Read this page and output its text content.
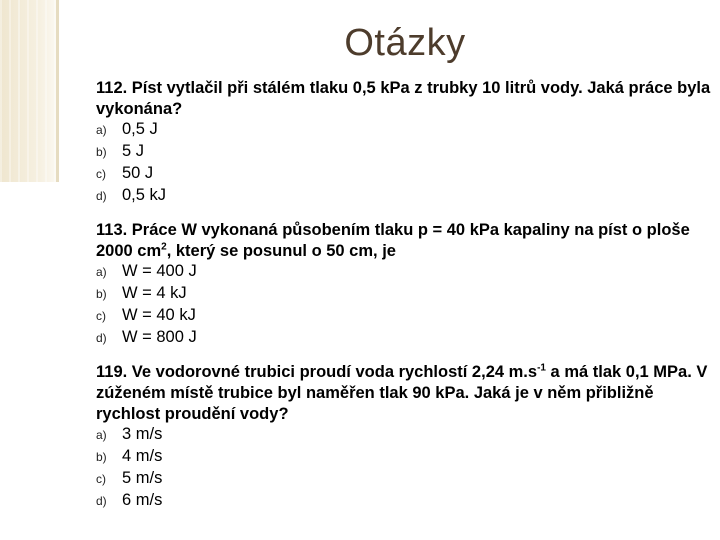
Otázky
112. Píst vytlačil při stálém tlaku 0,5 kPa z trubky 10 litrů vody. Jaká práce byla vykonána?
a) 0,5 J
b) 5 J
c) 50 J
d) 0,5 kJ
113. Práce W vykonaná působením tlaku p = 40 kPa kapaliny na píst o ploše 2000 $cm^2$, který se posunul o 50 cm, je
a) W = 400 J
b) W = 4 kJ
c) W = 40 kJ
d) W = 800 J
119. Ve vodorovné trubici proudí voda rychlostí 2,24 $m.s^{-1}$ a má tlak 0,1 MPa. V zúženém místě trubice byl naměřen tlak 90 kPa. Jaká je v něm přibližně rychlost proudění vody?
a) 3 m/s
b) 4 m/s
c) 5 m/s
d) 6 m/s
